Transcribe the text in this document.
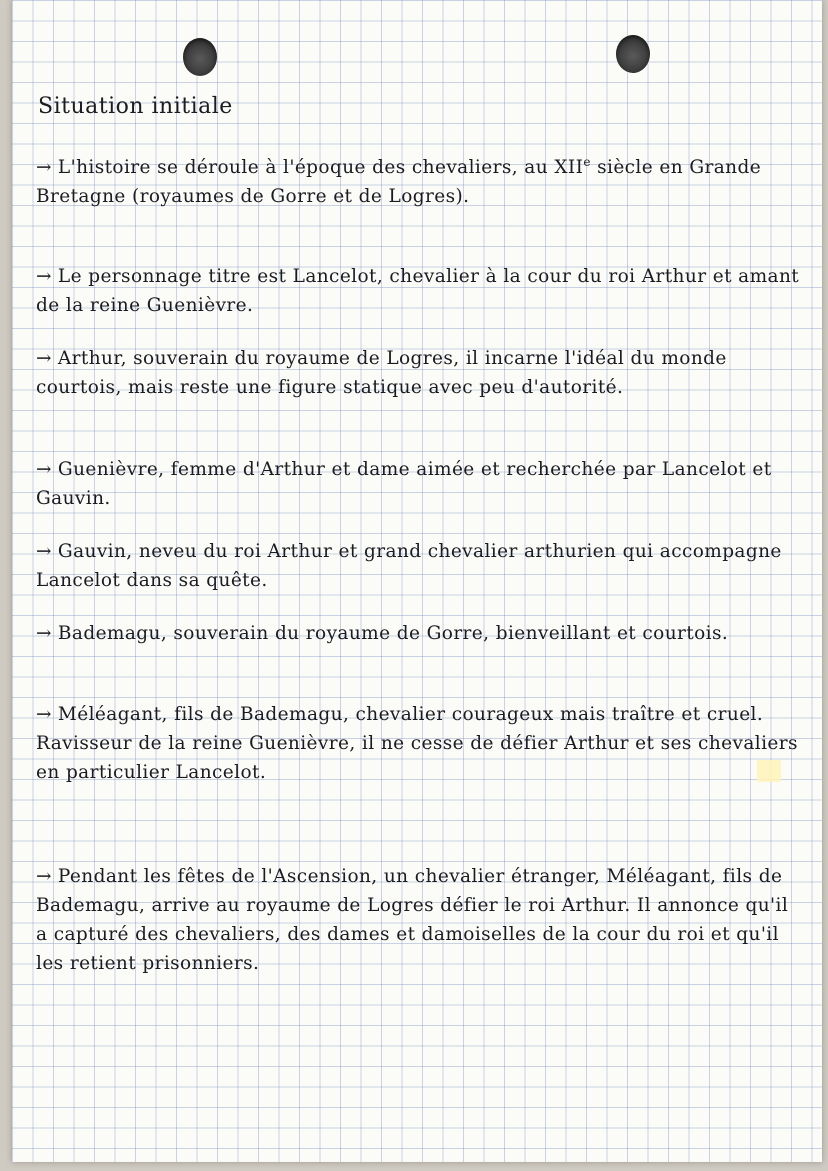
Situation initiale
→ L'histoire se déroule à l'époque des chevaliers, au XIIe siècle en Grande Bretagne (royaumes de Gorre et de Logres).
→ Le personnage titre est Lancelot, chevalier à la cour du roi Arthur et amant de la reine Guenièvre.
→ Arthur, souverain du royaume de Logres, il incarne l'idéal du monde courtois, mais reste une figure statique avec peu d'autorité.
→ Guenièvre, femme d'Arthur et dame aimée et recherchée par Lancelot et Gauvin.
→ Gauvin, neveu du roi Arthur et grand chevalier arthurien qui accompagne Lancelot dans sa quête.
→ Bademagu, souverain du royaume de Gorre, bienveillant et courtois.
→ Méléagant, fils de Bademagu, chevalier courageux mais traître et cruel. Ravisseur de la reine Guenièvre, il ne cesse de défier Arthur et ses chevaliers en particulier Lancelot.
→ Pendant les fêtes de l'Ascension, un chevalier étranger, Méléagant, fils de Bademagu, arrive au royaume de Logres défier le roi Arthur. Il annonce qu'il a capturé des chevaliers, des dames et damoiselles de la cour du roi et qu'il les retient prisonniers.
